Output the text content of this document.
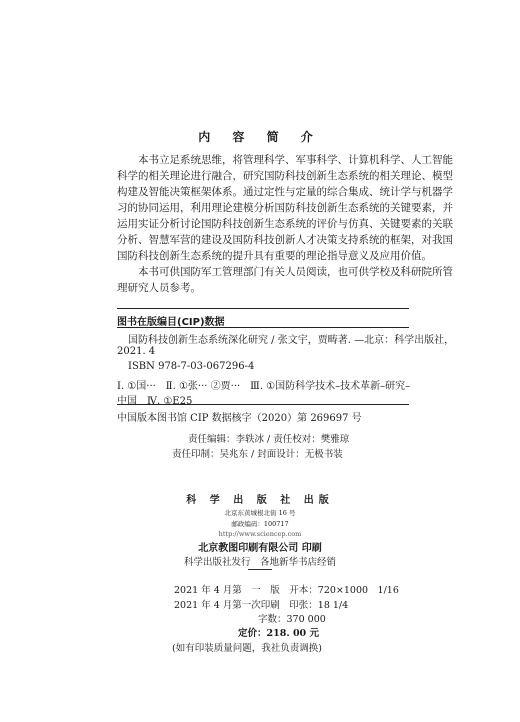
内 容 简 介
本书立足系统思维，将管理科学、军事科学、计算机科学、人工智能
科学的相关理论进行融合，研究国防科技创新生态系统的相关理论、模型
构建及智能决策框架体系。通过定性与定量的综合集成、统计学与机器学
习的协同运用，利用理论建模分析国防科技创新生态系统的关键要素，并
运用实证分析讨论国防科技创新生态系统的评价与仿真、关键要素的关联
分析、智慧军营的建设及国防科技创新人才决策支持系统的框架，对我国
国防科技创新生态系统的提升具有重要的理论指导意义及应用价值。
本书可供国防军工管理部门有关人员阅读，也可供学校及科研院所管
理研究人员参考。
图书在版编目(CIP)数据
国防科技创新生态系统深化研究 / 张文宇，贾畴著. —北京：科学出版社，
2021. 4
ISBN 978-7-03-067296-4
Ⅰ. ①国···　Ⅱ. ①张··· ②贾···　Ⅲ. ①国防科学技术–技术革新–研究–
中国　Ⅳ. ①E25
中国版本图书馆 CIP 数据核字（2020）第 269697 号
责任编辑：李轶冰 / 责任校对：樊雅琼
责任印制：吴兆东 / 封面设计：无极书装
科 学 出 版 社 出版
北京东黄城根北街 16 号
邮政编码：100717
http://www.sciencep.com
北京教图印刷有限公司 印刷
科学出版社发行　各地新华书店经销
2021 年 4 月第　一　版　开本：720×1000　1/16
2021 年 4 月第一次印刷　印张：18 1/4
字数：370 000
定价：218. 00 元
(如有印装质量问题，我社负责调换)
